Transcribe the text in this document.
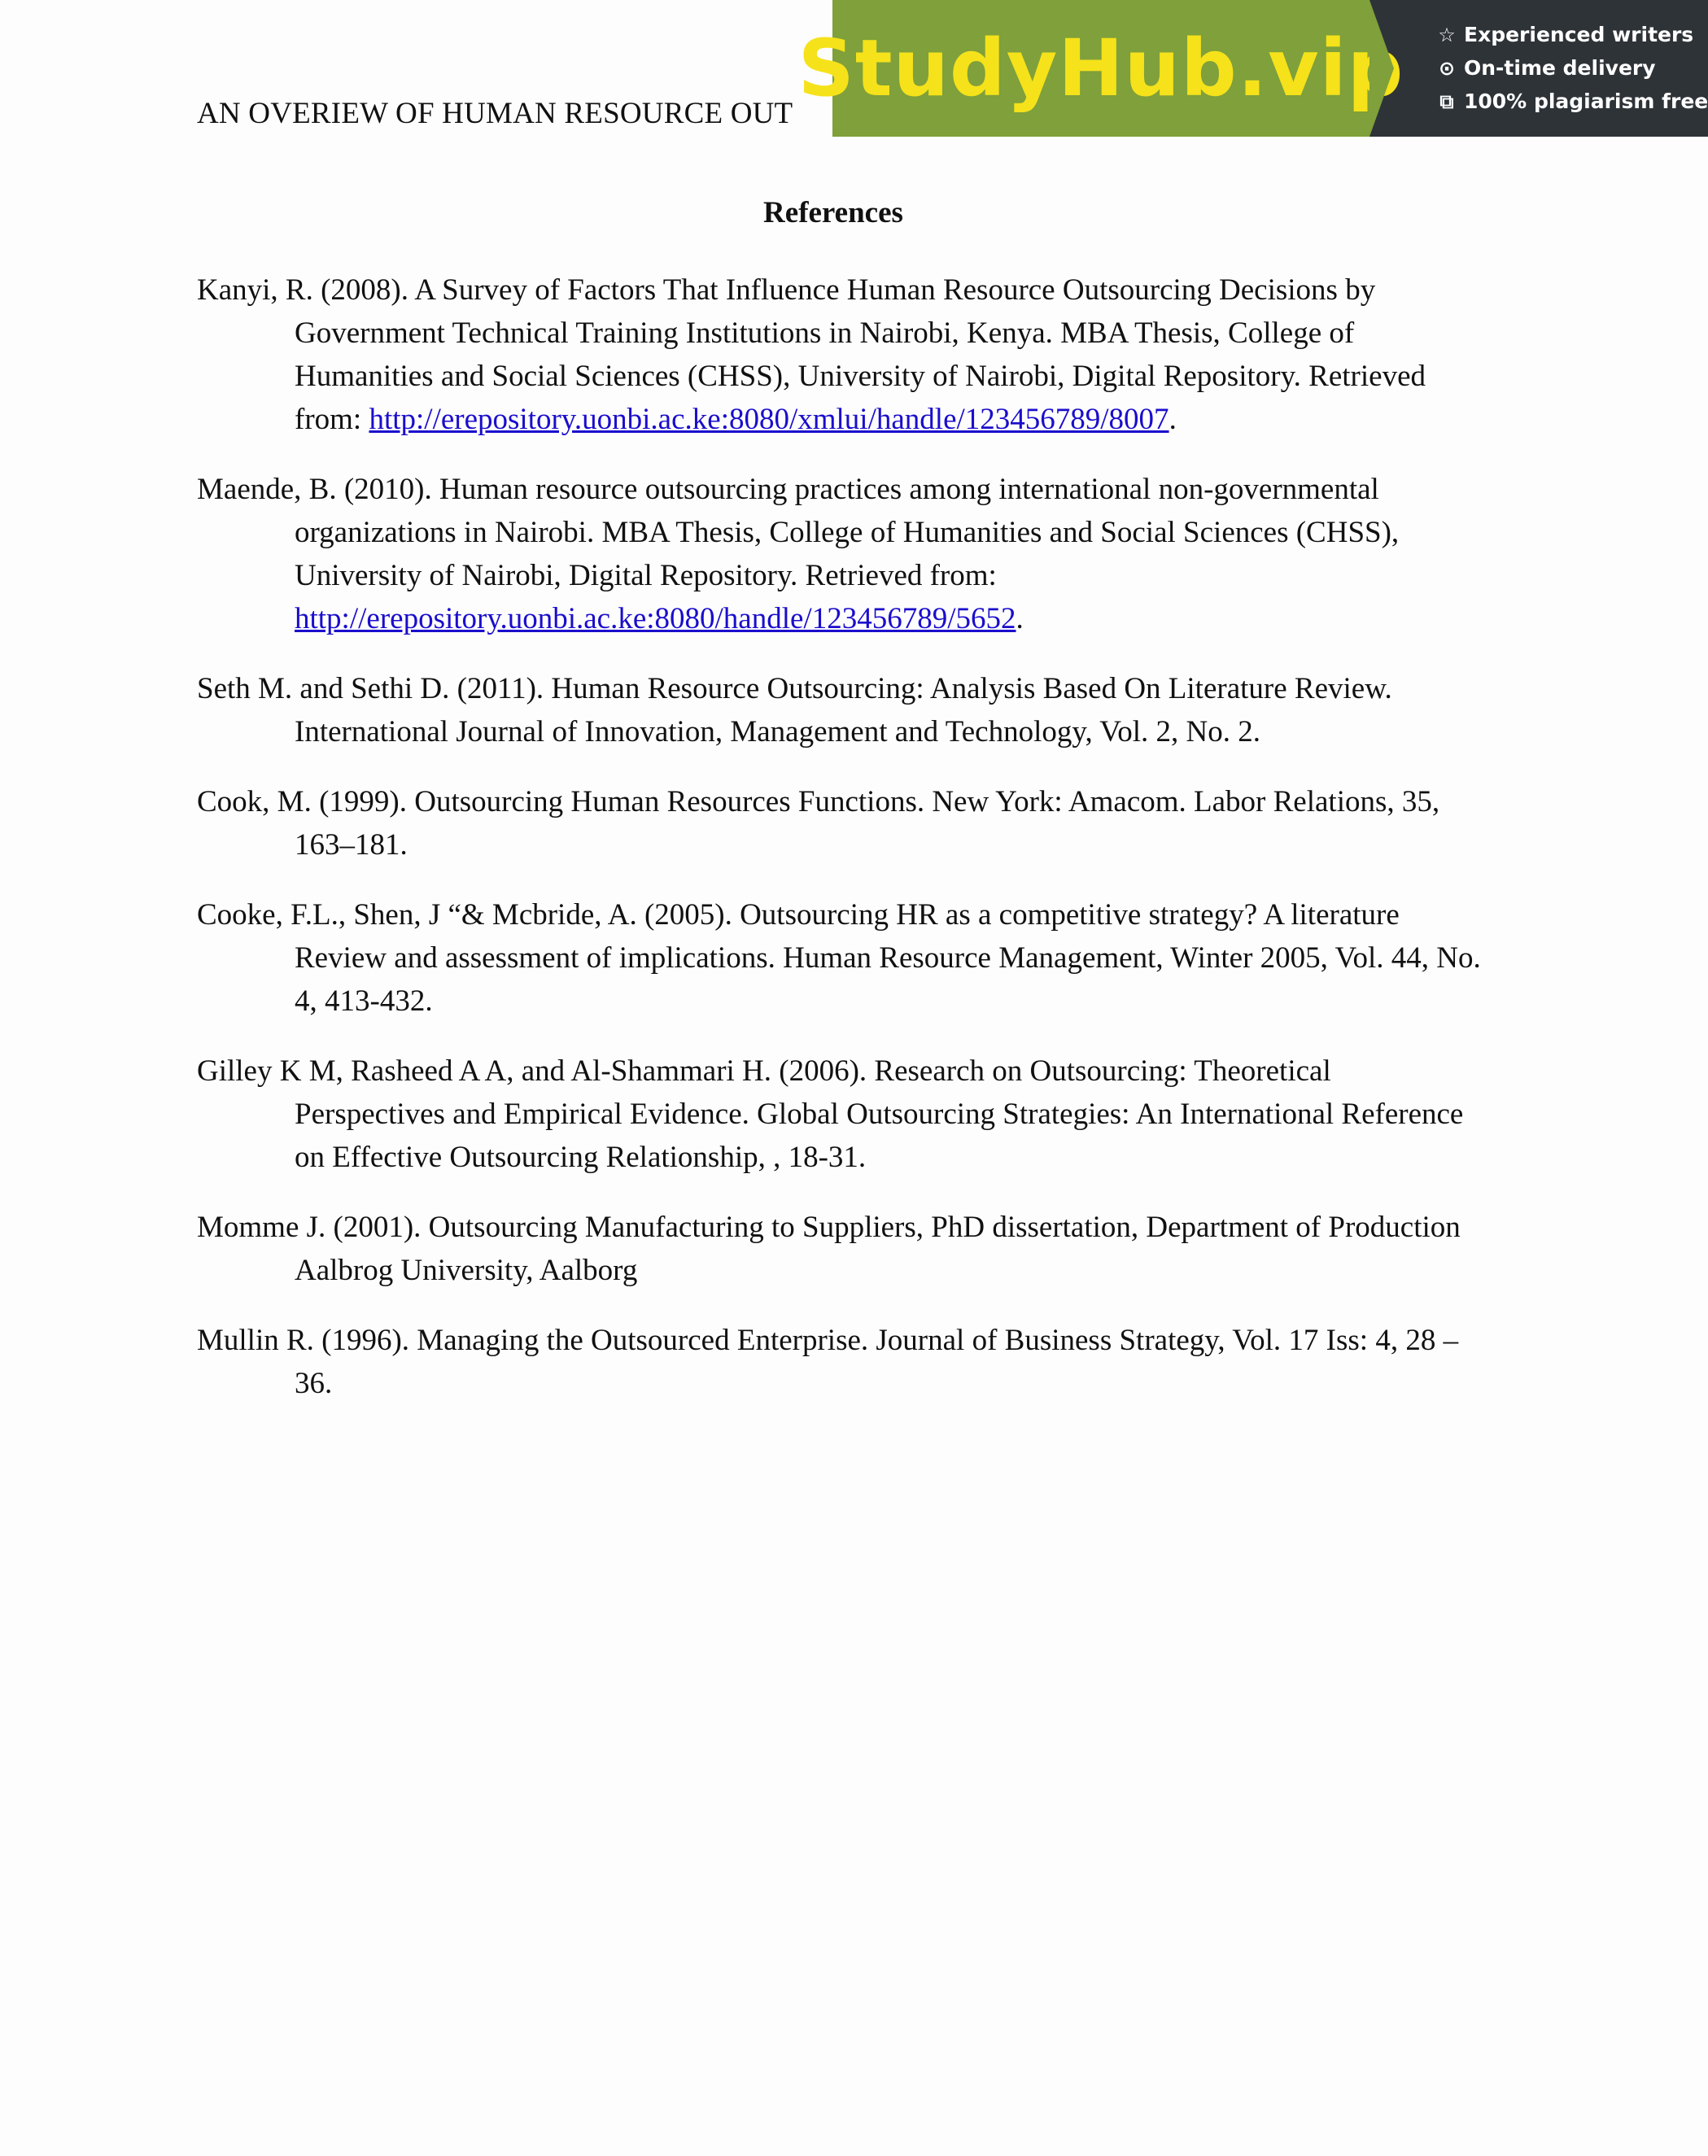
AN OVERIEW OF HUMAN RESOURCE OUT StudyHub.vip ☆ Experienced writers
⊙ On-time delivery
⧉ 100% plagiarism free
References
Kanyi, R. (2008). A Survey of Factors That Influence Human Resource Outsourcing Decisions by Government Technical Training Institutions in Nairobi, Kenya. MBA Thesis, College of Humanities and Social Sciences (CHSS), University of Nairobi, Digital Repository. Retrieved from: http://erepository.uonbi.ac.ke:8080/xmlui/handle/123456789/8007.
Maende, B. (2010). Human resource outsourcing practices among international non-governmental organizations in Nairobi. MBA Thesis, College of Humanities and Social Sciences (CHSS), University of Nairobi, Digital Repository. Retrieved from: http://erepository.uonbi.ac.ke:8080/handle/123456789/5652.
Seth M. and Sethi D. (2011). Human Resource Outsourcing: Analysis Based On Literature Review. International Journal of Innovation, Management and Technology, Vol. 2, No. 2.
Cook, M. (1999). Outsourcing Human Resources Functions. New York: Amacom. Labor Relations, 35, 163–181.
Cooke, F.L., Shen, J “& Mcbride, A. (2005). Outsourcing HR as a competitive strategy? A literature Review and assessment of implications. Human Resource Management, Winter 2005, Vol. 44, No. 4, 413-432.
Gilley K M, Rasheed A A, and Al-Shammari H. (2006). Research on Outsourcing: Theoretical Perspectives and Empirical Evidence. Global Outsourcing Strategies: An International Reference on Effective Outsourcing Relationship, , 18-31.
Momme J. (2001). Outsourcing Manufacturing to Suppliers, PhD dissertation, Department of Production Aalbrog University, Aalborg
Mullin R. (1996). Managing the Outsourced Enterprise. Journal of Business Strategy, Vol. 17 Iss: 4, 28 – 36.
